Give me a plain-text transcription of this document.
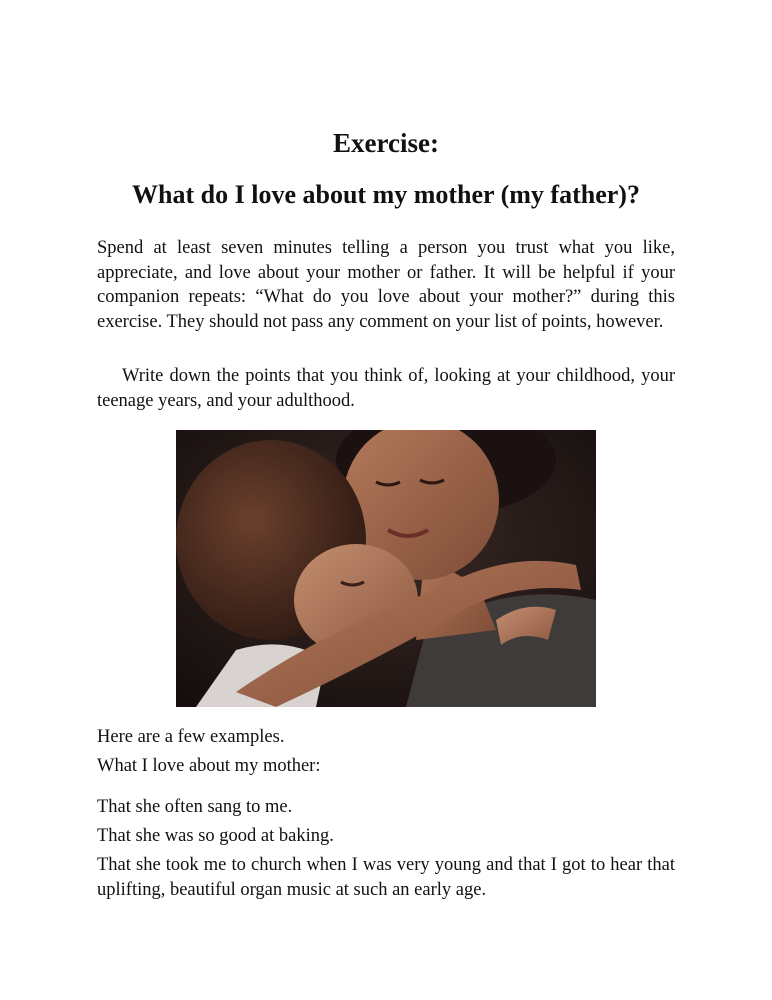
Exercise:
What do I love about my mother (my father)?

Spend at least seven minutes telling a person you trust what you like, appreciate, and love about your mother or father. It will be helpful if your companion repeats: “What do you love about your mother?” during this exercise. They should not pass any comment on your list of points, however.

Write down the points that you think of, looking at your childhood, your teenage years, and your adulthood.

Here are a few examples.

What I love about my mother:

That she often sang to me.

That she was so good at baking.

That she took me to church when I was very young and that I got to hear that uplifting, beautiful organ music at such an early age.
